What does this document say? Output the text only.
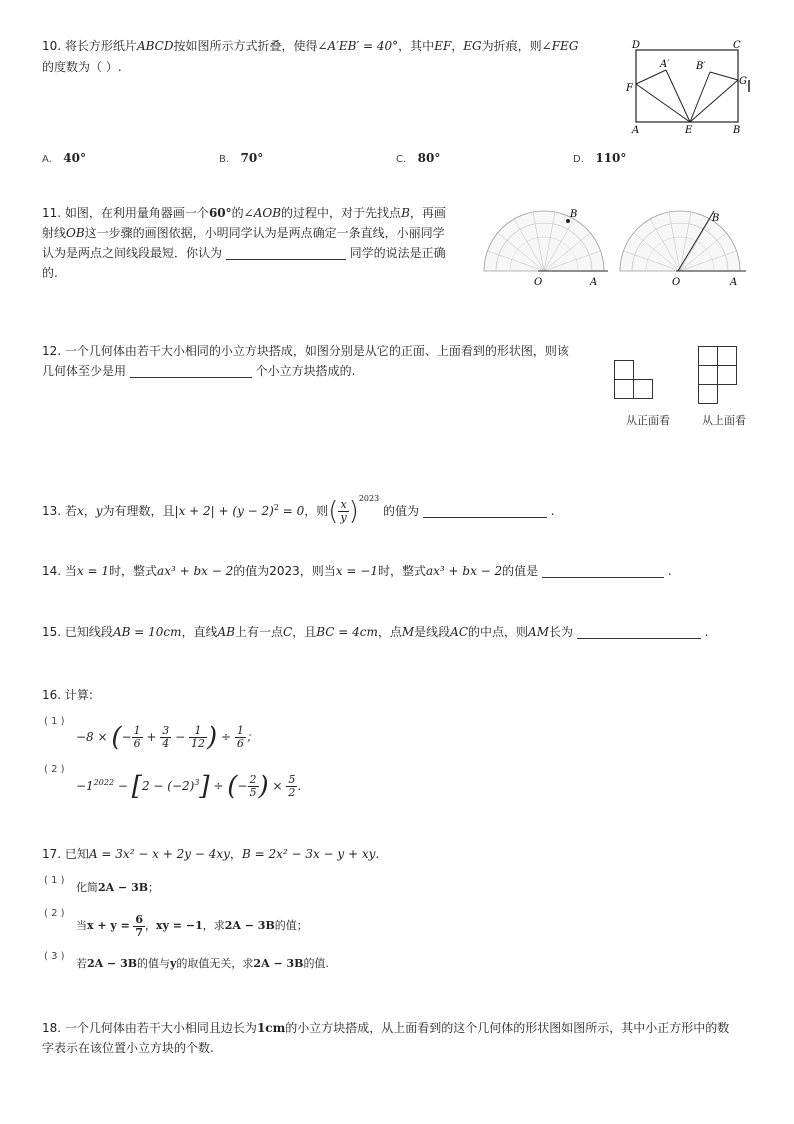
10. 将长方形纸片ABCD按如图所示方式折叠，使得∠A′EB′ = 40°，其中EF，EG为折痕，则∠FEG
的度数为（ ）.
D	C
A′	B′
G
F
A	E	B
A. 40°	B. 70°	C. 80°	D. 110°
11. 如图，在利用量角器画一个60°的∠AOB的过程中，对于先找点B，再画
射线OB这一步骤的画图依据，小明同学认为是两点确定一条直线，小丽同学
认为是两点之间线段最短．你认为	同学的说法是正确
的.
B
O	A
B
O	A
12. 一个几何体由若干大小相同的小立方块搭成，如图分别是从它的正面、上面看到的形状图，则该
几何体至少是用	个小立方块搭成的.
从正面看	从上面看
13. 若x，y为有理数，且$|x + 2| + (y - 2)^2 = 0$，则( $\frac{x}{y} )^{2023}$ 的值为	.
14. 当x = 1时，整式ax³ + bx − 2的值为2023，则当x = −1时，整式ax³ + bx − 2的值是	.
15. 已知线段AB = 10cm，直线AB上有一点C，且BC = 4cm，点M是线段AC的中点，则AM长为	.
16. 计算:
( 1 )
−8 × (− $\frac{1}{6} + \frac{3}{4} - \frac{1}{12}$ ) ÷ $\frac{1}{6}$ ；
( 2 )
$-1^{2022} - [2 - (-2)^3]$ ÷ (− $\frac{2}{5}$ ) × $\frac{5}{2}$ .
17. 已知A = 3x² − x + 2y − 4xy，B = 2x² − 3x − y + xy.
( 1 )
化简2A − 3B；
( 2 )
当$x + y = \frac{6}{7}$ ，xy = −1，求2A − 3B的值；
( 3 )
若2A − 3B的值与y的取值无关，求2A − 3B的值.
18. 一个几何体由若干大小相同且边长为1cm的小立方块搭成，从上面看到的这个几何体的形状图如图所示，其中小正方形中的数
字表示在该位置小立方块的个数.
